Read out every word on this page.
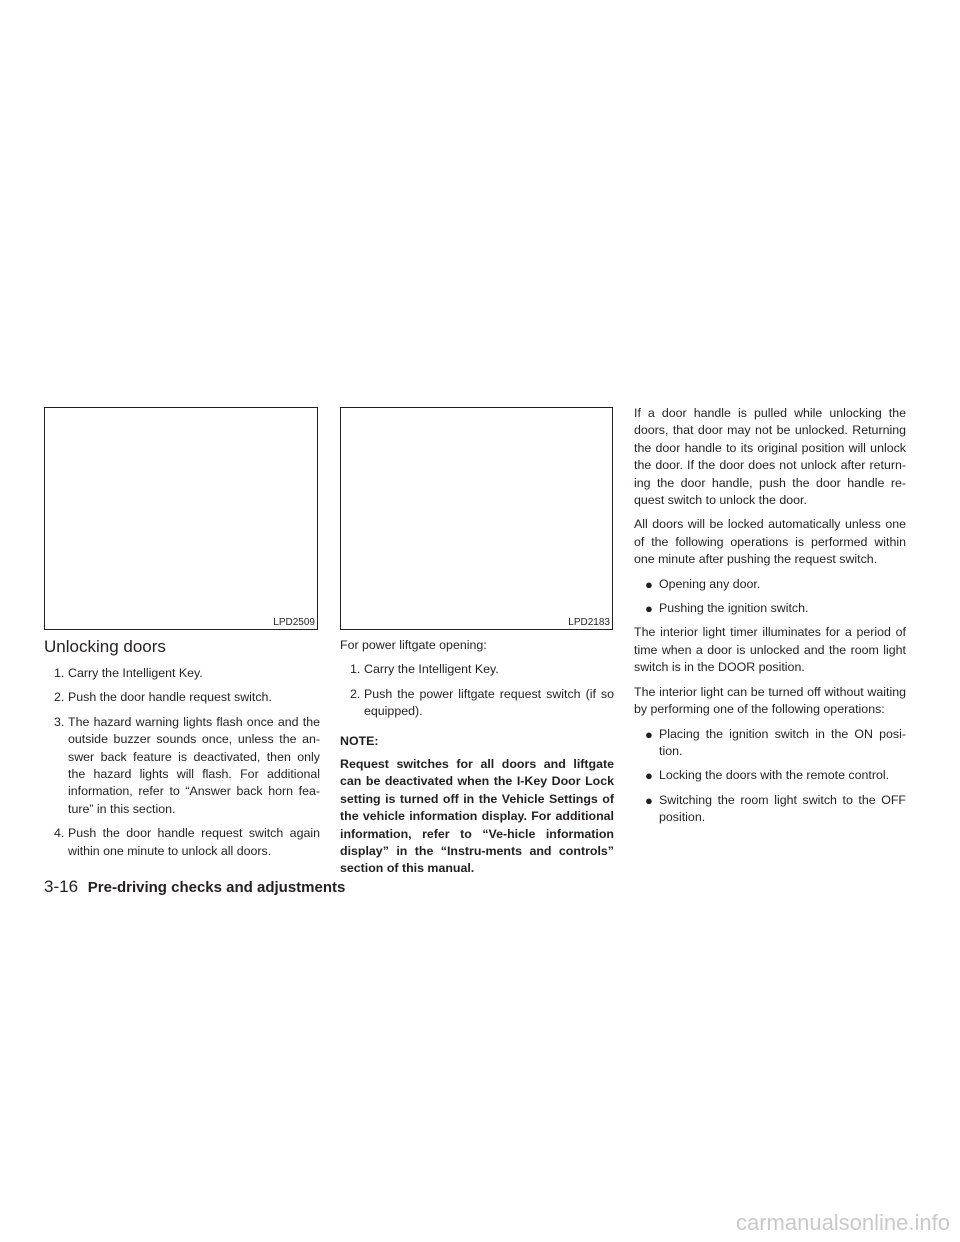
LPD2509	LPD2183
Unlocking doors
1. Carry the Intelligent Key.
2. Push the door handle request switch.
3. The hazard warning lights flash once and the outside buzzer sounds once, unless the an-swer back feature is deactivated, then only the hazard lights will flash. For additional information, refer to “Answer back horn fea-ture” in this section.
4. Push the door handle request switch again within one minute to unlock all doors.

For power liftgate opening:

1. Carry the Intelligent Key.
2. Push the power liftgate request switch (if so equipped).
NOTE:
Request switches for all doors and liftgate can be deactivated when the I-Key Door Lock setting is turned off in the Vehicle Settings of the vehicle information display. For additional information, refer to “Ve-hicle information display” in the “Instru-ments and controls” section of this manual.

If a door handle is pulled while unlocking the doors, that door may not be unlocked. Returning the door handle to its original position will unlock the door. If the door does not unlock after return-ing the door handle, push the door handle re-quest switch to unlock the door.

All doors will be locked automatically unless one of the following operations is performed within one minute after pushing the request switch.

● Opening any door.
● Pushing the ignition switch.

The interior light timer illuminates for a period of time when a door is unlocked and the room light switch is in the DOOR position.

The interior light can be turned off without waiting by performing one of the following operations:

● Placing the ignition switch in the ON posi-tion.
● Locking the doors with the remote control.
● Switching the room light switch to the OFF position.
3-16 Pre-driving checks and adjustments
carmanualsonline.info
